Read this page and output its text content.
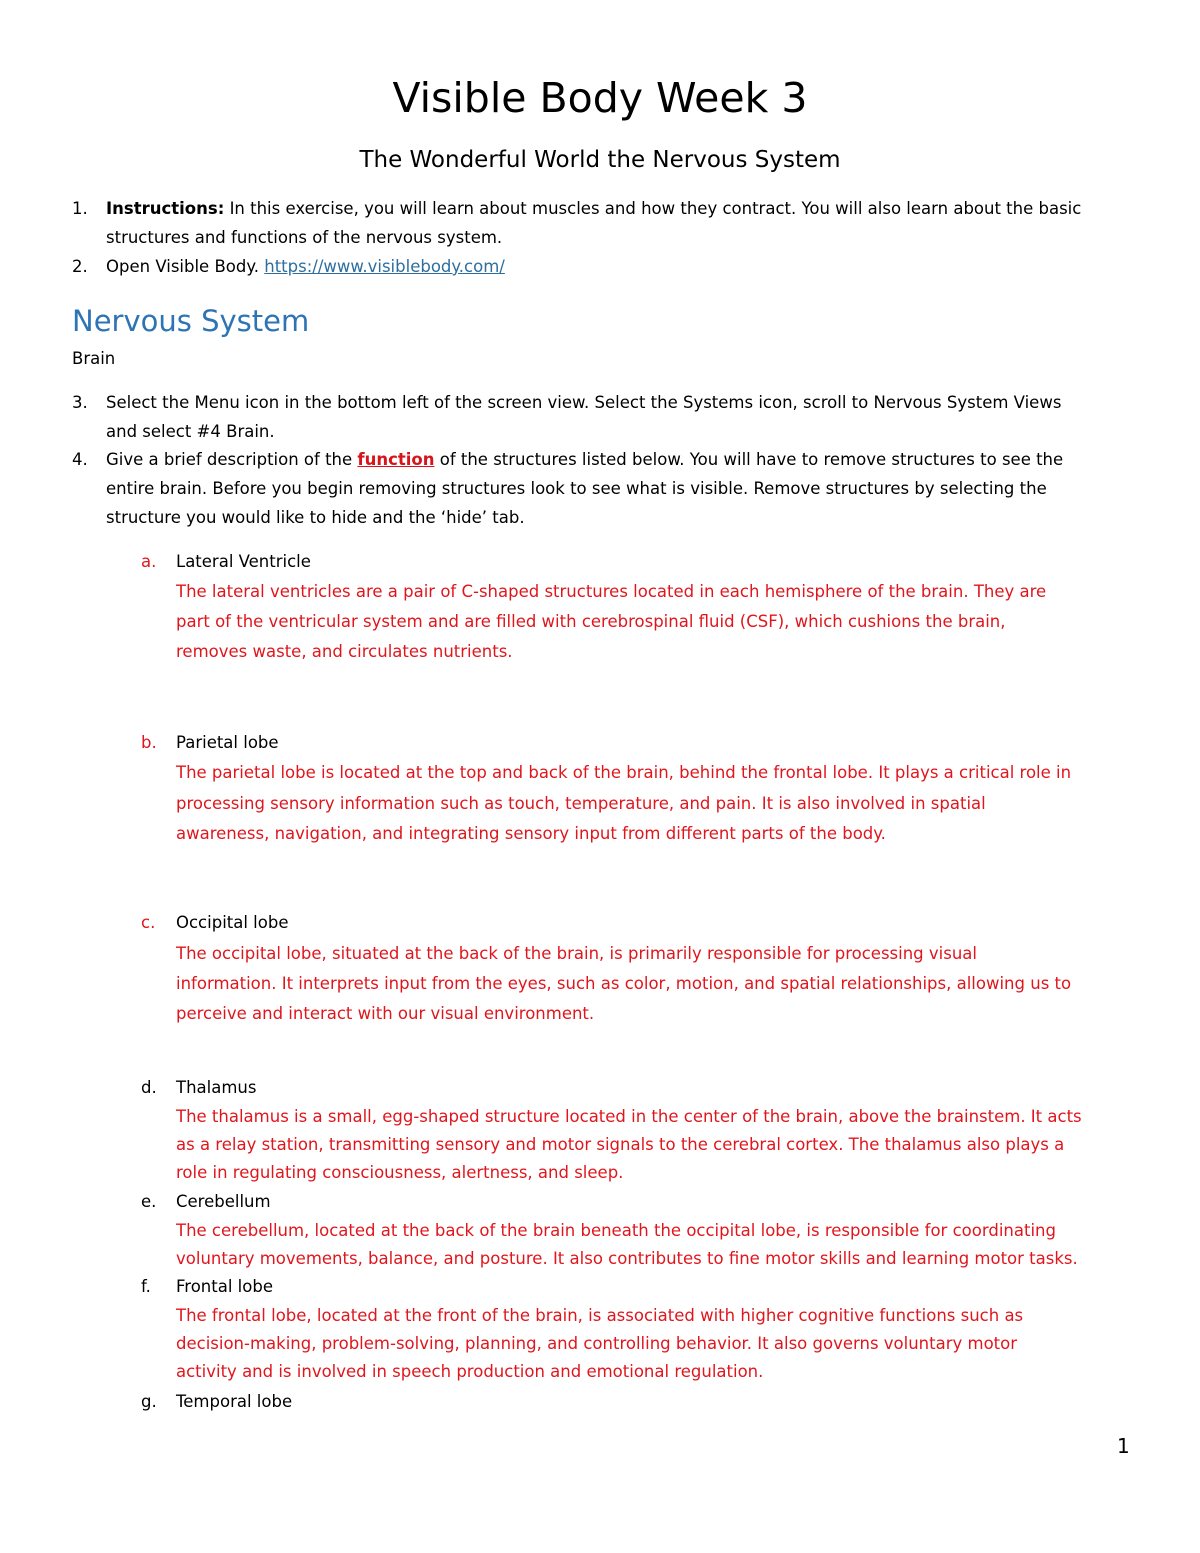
Visible Body Week 3
The Wonderful World the Nervous System
1. Instructions: In this exercise, you will learn about muscles and how they contract. You will also learn about the basic
structures and functions of the nervous system.
2. Open Visible Body. https://www.visiblebody.com/
Nervous System
Brain
3. Select the Menu icon in the bottom left of the screen view. Select the Systems icon, scroll to Nervous System Views
and select #4 Brain.
4. Give a brief description of the function of the structures listed below. You will have to remove structures to see the
entire brain. Before you begin removing structures look to see what is visible. Remove structures by selecting the
structure you would like to hide and the ‘hide’ tab.
a. Lateral Ventricle
The lateral ventricles are a pair of C-shaped structures located in each hemisphere of the brain. They are
part of the ventricular system and are filled with cerebrospinal fluid (CSF), which cushions the brain,
removes waste, and circulates nutrients.
b. Parietal lobe
The parietal lobe is located at the top and back of the brain, behind the frontal lobe. It plays a critical role in
processing sensory information such as touch, temperature, and pain. It is also involved in spatial
awareness, navigation, and integrating sensory input from different parts of the body.
c. Occipital lobe
The occipital lobe, situated at the back of the brain, is primarily responsible for processing visual
information. It interprets input from the eyes, such as color, motion, and spatial relationships, allowing us to
perceive and interact with our visual environment.
d. Thalamus
The thalamus is a small, egg-shaped structure located in the center of the brain, above the brainstem. It acts
as a relay station, transmitting sensory and motor signals to the cerebral cortex. The thalamus also plays a
role in regulating consciousness, alertness, and sleep.
e. Cerebellum
The cerebellum, located at the back of the brain beneath the occipital lobe, is responsible for coordinating
voluntary movements, balance, and posture. It also contributes to fine motor skills and learning motor tasks.
f. Frontal lobe
The frontal lobe, located at the front of the brain, is associated with higher cognitive functions such as
decision-making, problem-solving, planning, and controlling behavior. It also governs voluntary motor
activity and is involved in speech production and emotional regulation.
g. Temporal lobe
1
